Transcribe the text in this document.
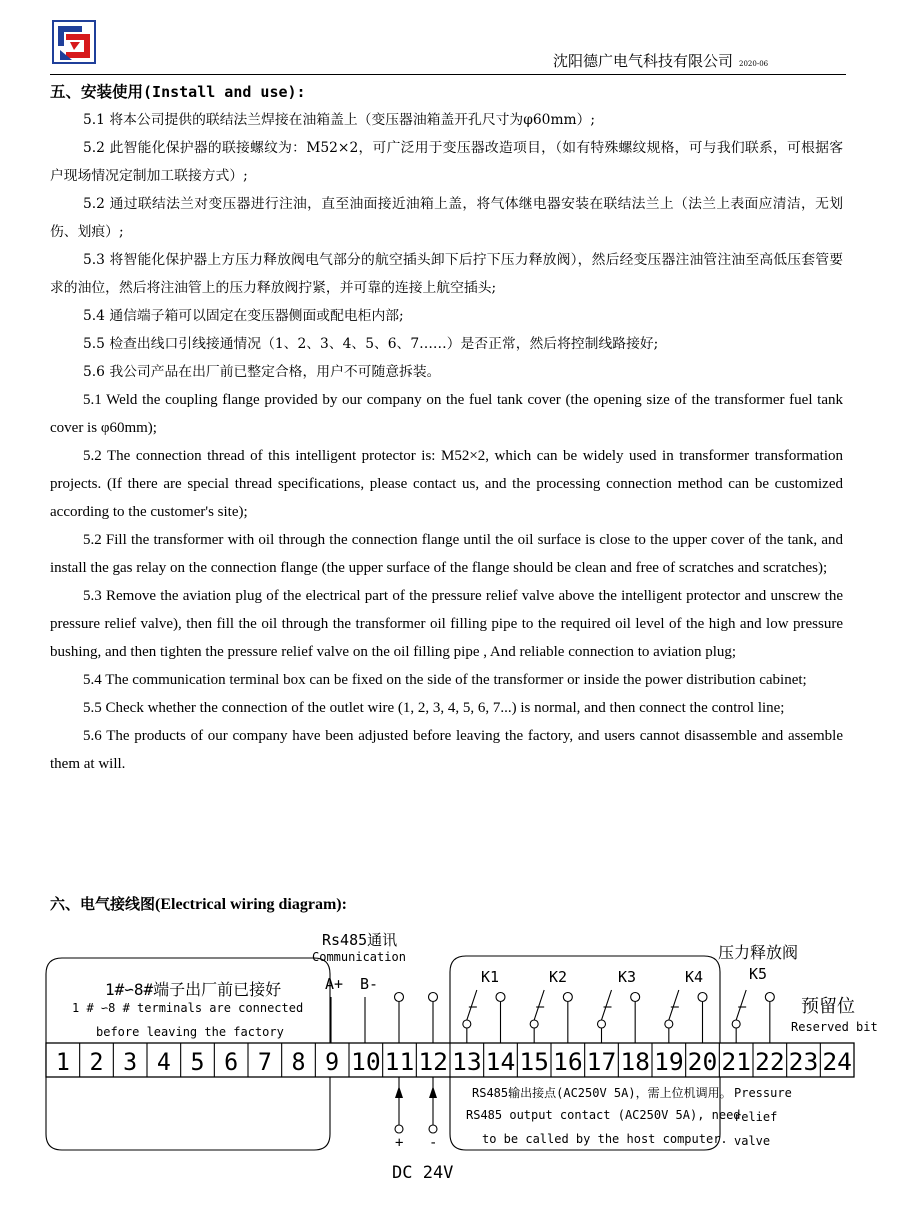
沈阳德广电气科技有限公司 2020-06
五、安装使用(Install and use):

5.1 将本公司提供的联结法兰焊接在油箱盖上（变压器油箱盖开孔尺寸为φ60mm）;

5.2 此智能化保护器的联接螺纹为：M52×2，可广泛用于变压器改造项目，（如有特殊螺纹规格，可与我们联系，可根据客户现场情况定制加工联接方式）;

5.2 通过联结法兰对变压器进行注油，直至油面接近油箱上盖，将气体继电器安装在联结法兰上（法兰上表面应清洁，无划伤、划痕）;

5.3 将智能化保护器上方压力释放阀电气部分的航空插头卸下后拧下压力释放阀），然后经变压器注油管注油至高低压套管要求的油位，然后将注油管上的压力释放阀拧紧，并可靠的连接上航空插头;

5.4 通信端子箱可以固定在变压器侧面或配电柜内部;

5.5 检查出线口引线接通情况（1、2、3、4、5、6、7……）是否正常，然后将控制线路接好;

5.6 我公司产品在出厂前已整定合格，用户不可随意拆装。

5.1 Weld the coupling flange provided by our company on the fuel tank cover (the opening size of the transformer fuel tank cover is φ60mm);

5.2 The connection thread of this intelligent protector is: M52×2, which can be widely used in transformer transformation projects. (If there are special thread specifications, please contact us, and the processing connection method can be customized according to the customer's site);

5.2 Fill the transformer with oil through the connection flange until the oil surface is close to the upper cover of the tank, and install the gas relay on the connection flange (the upper surface of the flange should be clean and free of scratches and scratches);

5.3 Remove the aviation plug of the electrical part of the pressure relief valve above the intelligent protector and unscrew the pressure relief valve), then fill the oil through the transformer oil filling pipe to the required oil level of the high and low pressure bushing, and then tighten the pressure relief valve on the oil filling pipe , And reliable connection to aviation plug;

5.4 The communication terminal box can be fixed on the side of the transformer or inside the power distribution cabinet;

5.5 Check whether the connection of the outlet wire (1, 2, 3, 4, 5, 6, 7...) is normal, and then connect the control line;

5.6 The products of our company have been adjusted before leaving the factory, and users cannot disassemble and assemble them at will.

六、电气接线图(Electrical wiring diagram):
1 2 3 4 5 6 7 8 9 10 11 12 13 14 15 16 17 18 19 20 21 22 23 24
Rs485通讯
Communication
A+ B-
1#∽8#端子出厂前已接好
1 # ∽8 # terminals are connected
before leaving the factory
K1	K2	K3	K4	K5
压力释放阀
预留位
Reserved bit
RS485输出接点(AC250V 5A)，需上位机调用。
RS485 output contact (AC250V 5A), need
to be called by the host computer.
Pressure
relief
valve
+ -
DC 24V
